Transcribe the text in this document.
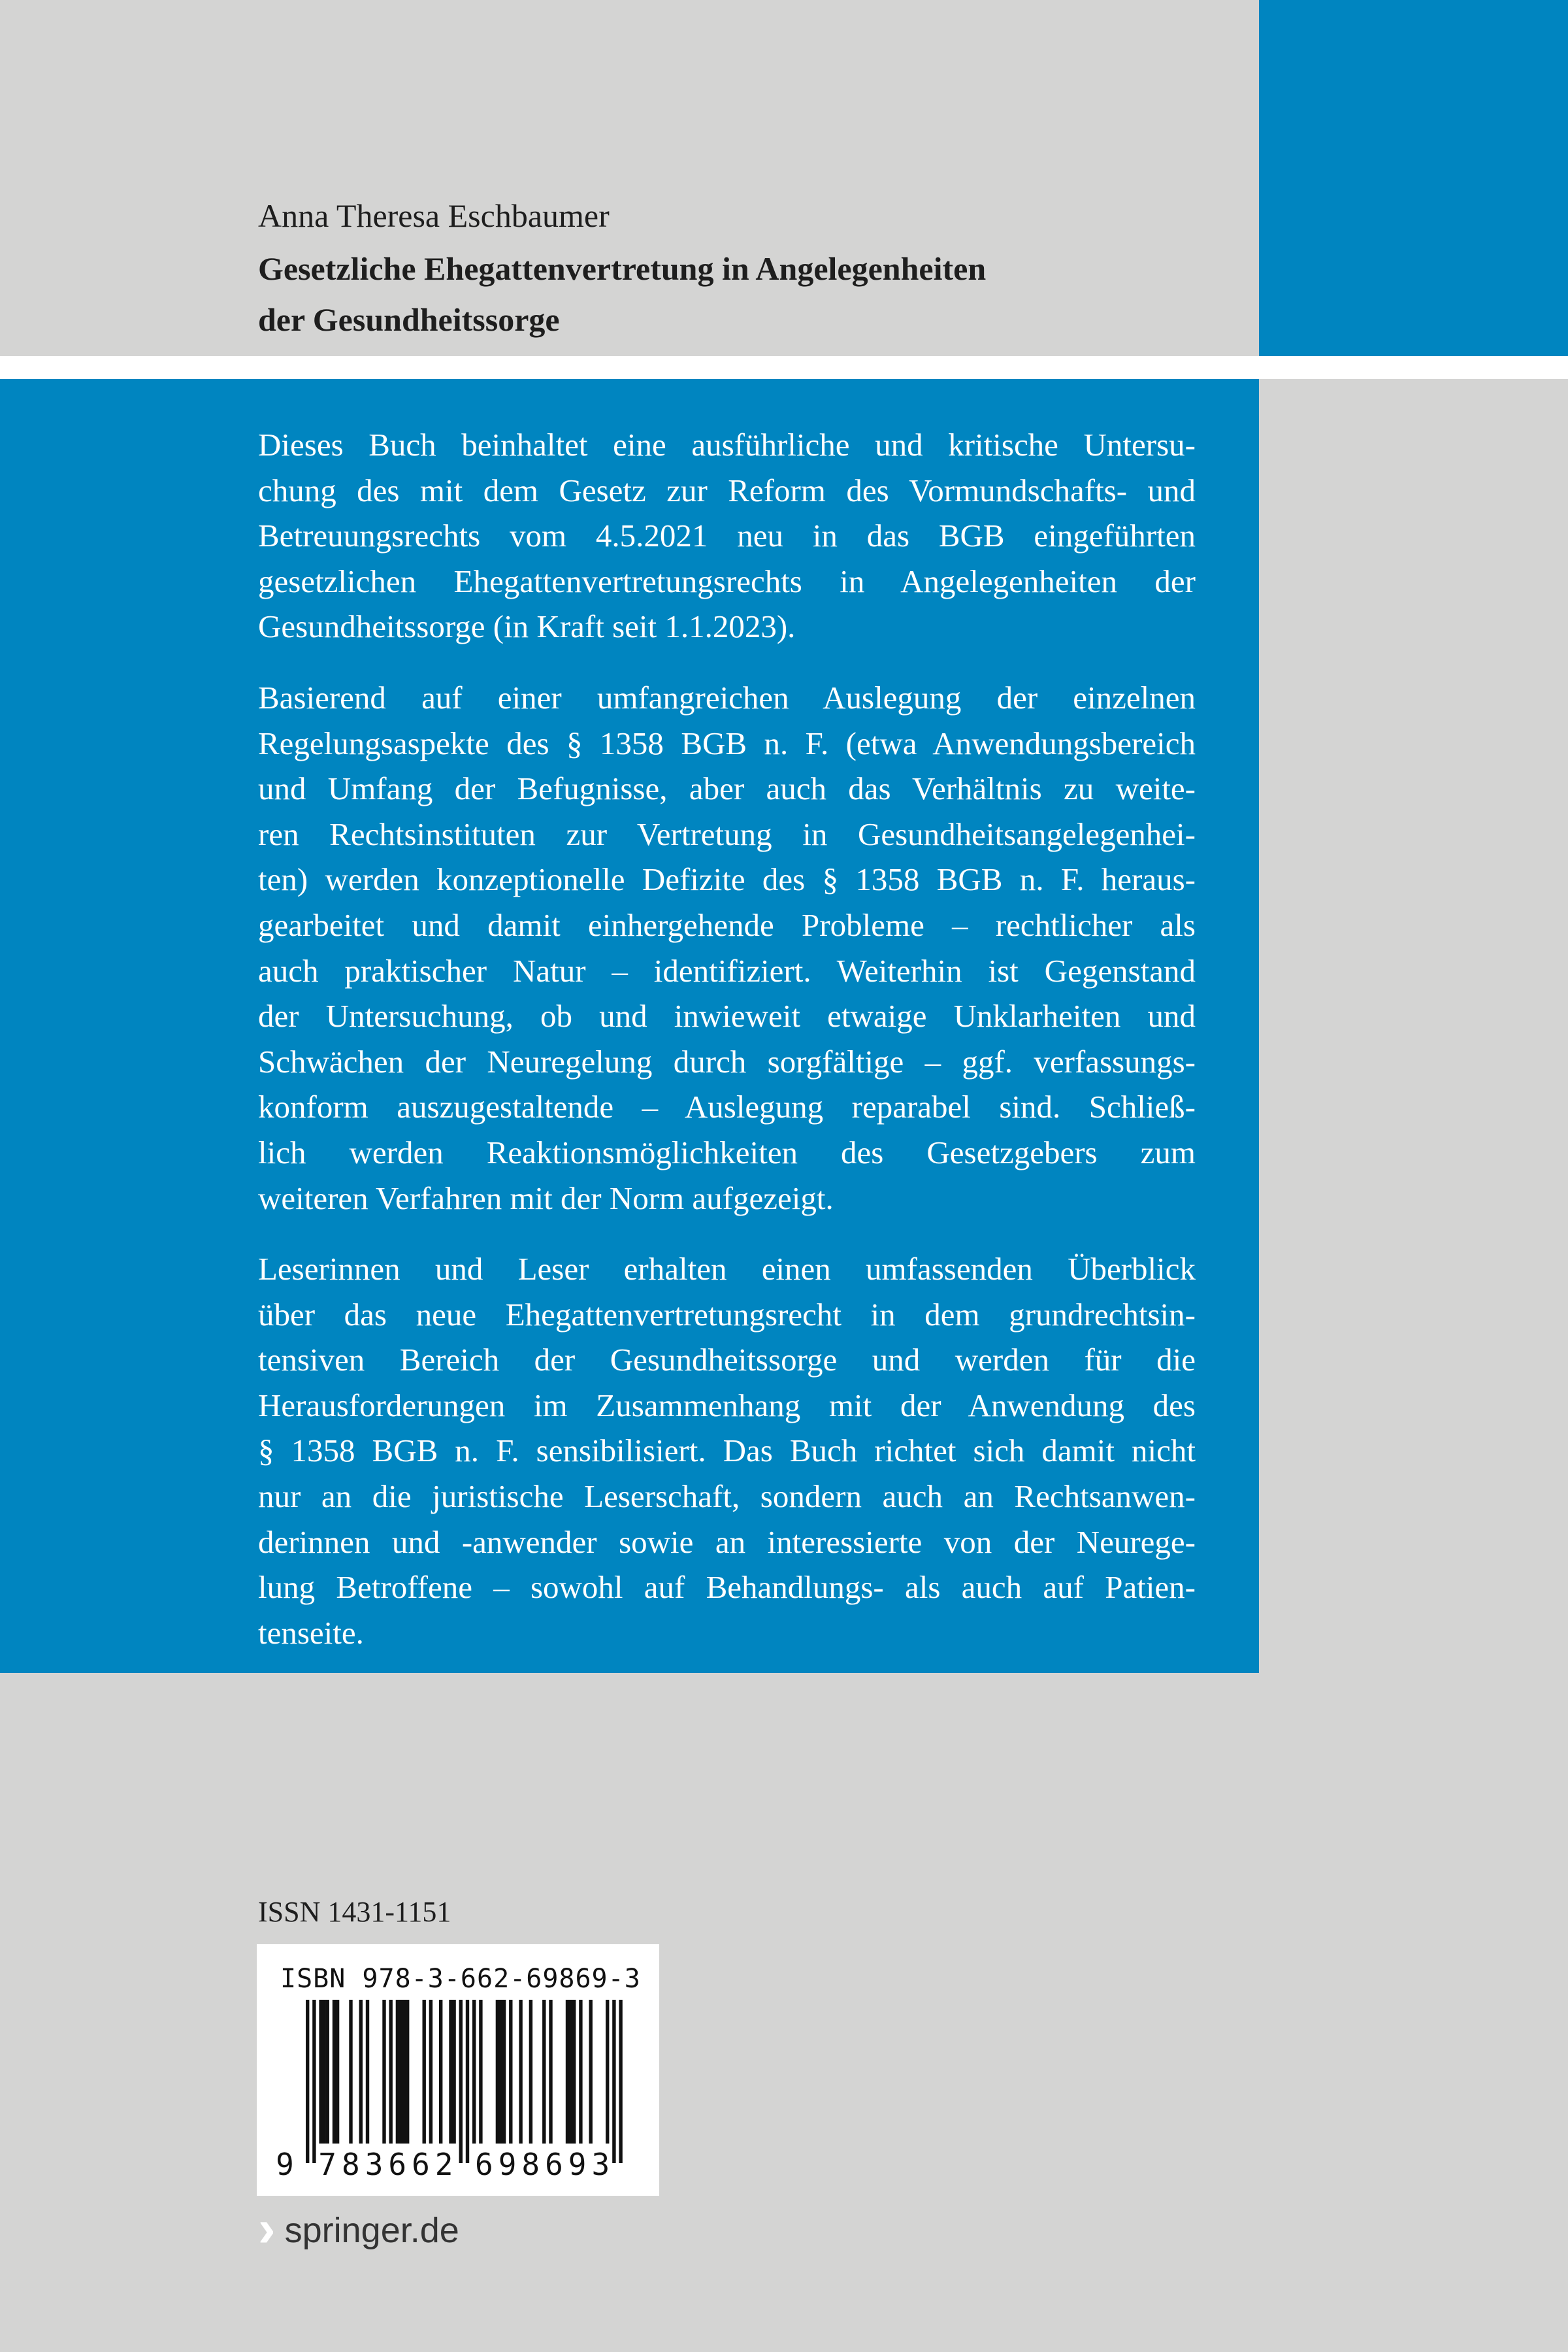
Anna Theresa Eschbaumer
Gesetzliche Ehegattenvertretung in Angelegenheiten
der Gesundheitssorge
Dieses Buch beinhaltet eine ausführliche und kritische Untersu-
chung des mit dem Gesetz zur Reform des Vormundschafts- und
Betreuungsrechts vom 4.5.2021 neu in das BGB eingeführten
gesetzlichen Ehegattenvertretungsrechts in Angelegenheiten der
Gesundheitssorge (in Kraft seit 1.1.2023).
Basierend auf einer umfangreichen Auslegung der einzelnen
Regelungsaspekte des § 1358 BGB n. F. (etwa Anwendungsbereich
und Umfang der Befugnisse, aber auch das Verhältnis zu weite-
ren Rechtsinstituten zur Vertretung in Gesundheitsangelegenhei-
ten) werden konzeptionelle Defizite des § 1358 BGB n. F. heraus-
gearbeitet und damit einhergehende Probleme – rechtlicher als
auch praktischer Natur – identifiziert. Weiterhin ist Gegenstand
der Untersuchung, ob und inwieweit etwaige Unklarheiten und
Schwächen der Neuregelung durch sorgfältige – ggf. verfassungs-
konform auszugestaltende – Auslegung reparabel sind. Schließ-
lich werden Reaktionsmöglichkeiten des Gesetzgebers zum
weiteren Verfahren mit der Norm aufgezeigt.
Leserinnen und Leser erhalten einen umfassenden Überblick
über das neue Ehegattenvertretungsrecht in dem grundrechtsin-
tensiven Bereich der Gesundheitssorge und werden für die
Herausforderungen im Zusammenhang mit der Anwendung des
§ 1358 BGB n. F. sensibilisiert. Das Buch richtet sich damit nicht
nur an die juristische Leserschaft, sondern auch an Rechtsanwen-
derinnen und -anwender sowie an interessierte von der Neurege-
lung Betroffene – sowohl auf Behandlungs- als auch auf Patien-
tenseite.
ISSN 1431-1151
ISBN 978-3-662-69869-3
9 7 8 3 6 6 2 6 9 8 6 9 3
› springer.de
